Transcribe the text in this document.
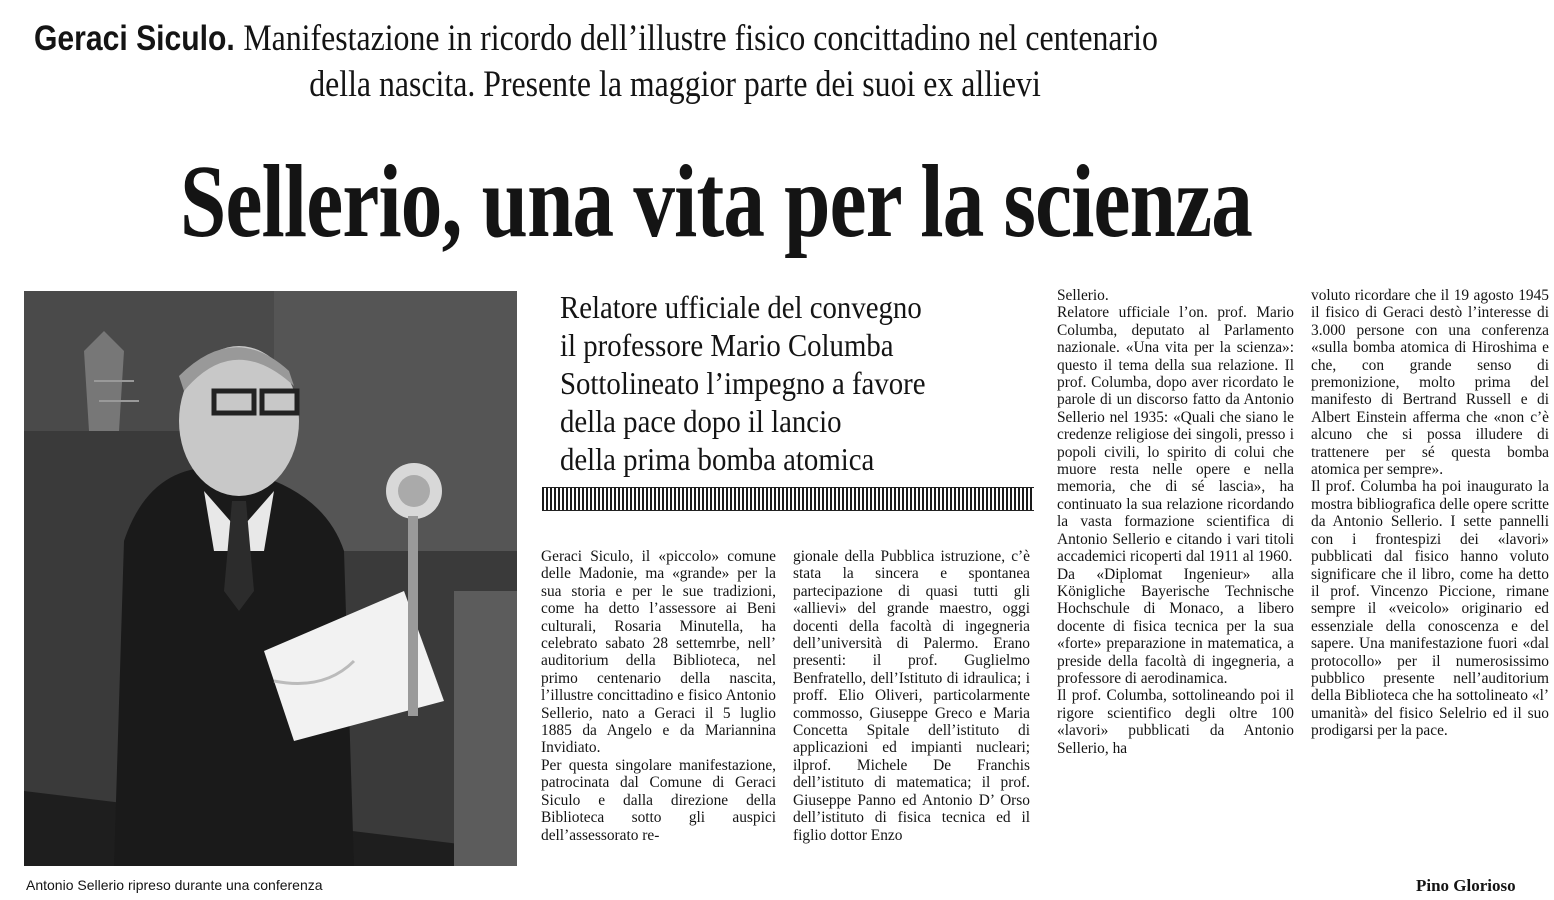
Geraci Siculo. Manifestazione in ricordo dell’illustre fisico concittadino nel centenario
della nascita. Presente la maggior parte dei suoi ex allievi
Sellerio, una vita per la scienza
Antonio Sellerio ripreso durante una conferenza
Relatore ufficiale del convegno
il professore Mario Columba
Sottolineato l’impegno a favore
della pace dopo il lancio
della prima bomba atomica
Geraci Siculo, il «piccolo» comune delle Madonie, ma «grande» per la sua storia e per le sue tradizioni, come ha detto l’assessore ai Beni culturali, Rosaria Minutella, ha celebrato sabato 28 settemrbe, nell’ auditorium della Biblioteca, nel primo centenario della nascita, l’illustre concittadino e fisico Antonio Sellerio, nato a Geraci il 5 luglio 1885 da Angelo e da Mariannina Invidiato.
Per questa singolare manifestazione, patrocinata dal Comune di Geraci Siculo e dalla direzione della Biblioteca sotto gli auspici dell’assessorato re-
gionale della Pubblica istruzione, c’è stata la sincera e spontanea partecipazione di quasi tutti gli «allievi» del grande maestro, oggi docenti della facoltà di ingegneria dell’università di Palermo. Erano presenti: il prof. Guglielmo Benfratello, dell’Istituto di idraulica; i proff. Elio Oliveri, particolarmente commosso, Giuseppe Greco e Maria Concetta Spitale dell’istituto di applicazioni ed impianti nucleari; ilprof. Michele De Franchis dell’istituto di matematica; il prof. Giuseppe Panno ed Antonio D’ Orso dell’istituto di fisica tecnica ed il figlio dottor Enzo
Sellerio.
Relatore ufficiale l’on. prof. Mario Columba, deputato al Parlamento nazionale. «Una vita per la scienza»: questo il tema della sua relazione. Il prof. Columba, dopo aver ricordato le parole di un discorso fatto da Antonio Sellerio nel 1935: «Quali che siano le credenze religiose dei singoli, presso i popoli civili, lo spirito di colui che muore resta nelle opere e nella memoria, che di sé lascia», ha continuato la sua relazione ricordando la vasta formazione scientifica di Antonio Sellerio e citando i vari titoli accademici ricoperti dal 1911 al 1960.
Da «Diplomat Ingenieur» alla Königliche Bayerische Technische Hochschule di Monaco, a libero docente di fisica tecnica per la sua «forte» preparazione in matematica, a preside della facoltà di ingegneria, a professore di aerodinamica.
Il prof. Columba, sottolineando poi il rigore scientifico degli oltre 100 «lavori» pubblicati da Antonio Sellerio, ha
voluto ricordare che il 19 agosto 1945 il fisico di Geraci destò l’interesse di 3.000 persone con una conferenza «sulla bomba atomica di Hiroshima e che, con grande senso di premonizione, molto prima del manifesto di Bertrand Russell e di Albert Einstein afferma che «non c’è alcuno che si possa illudere di trattenere per sé questa bomba atomica per sempre».
Il prof. Columba ha poi inaugurato la mostra bibliografica delle opere scritte da Antonio Sellerio. I sette pannelli con i frontespizi dei «lavori» pubblicati dal fisico hanno voluto significare che il libro, come ha detto il prof. Vincenzo Piccione, rimane sempre il «veicolo» originario ed essenziale della conoscenza e del sapere. Una manifestazione fuori «dal protocollo» per il numerosissimo pubblico presente nell’auditorium della Biblioteca che ha sottolineato «l’ umanità» del fisico Selelrio ed il suo prodigarsi per la pace.
Pino Glorioso
